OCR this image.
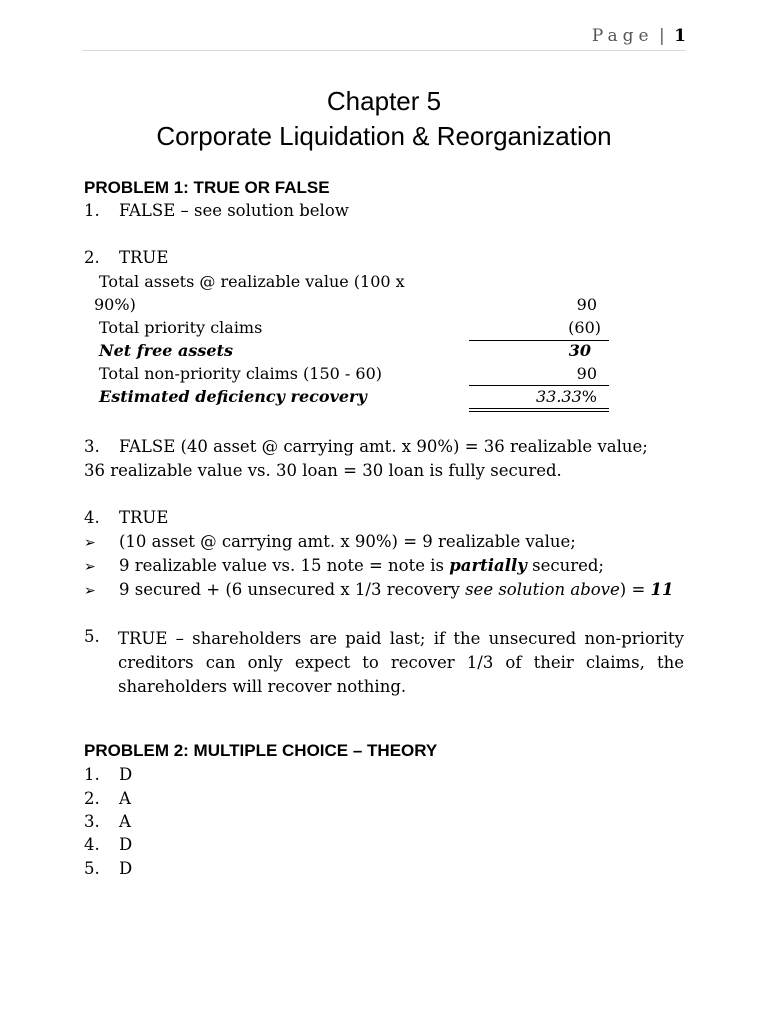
Page | 1
Chapter 5
Corporate Liquidation & Reorganization
PROBLEM 1: TRUE OR FALSE
1. FALSE – see solution below
2. TRUE
Total assets @ realizable value (100 x
90%)	90
Total priority claims	(60)
Net free assets	30
Total non-priority claims (150 - 60)	90
Estimated deficiency recovery	33.33%
3. FALSE (40 asset @ carrying amt. x 90%) = 36 realizable value;
36 realizable value vs. 30 loan = 30 loan is fully secured.
4. TRUE
➢ (10 asset @ carrying amt. x 90%) = 9 realizable value;
➢ 9 realizable value vs. 15 note = note is partially secured;
➢ 9 secured + (6 unsecured x 1/3 recovery see solution above) = 11
5. TRUE – shareholders are paid last; if the unsecured non-priority creditors can only expect to recover 1/3 of their claims, the shareholders will recover nothing.
PROBLEM 2: MULTIPLE CHOICE – THEORY
1. D
2. A
3. A
4. D
5. D
